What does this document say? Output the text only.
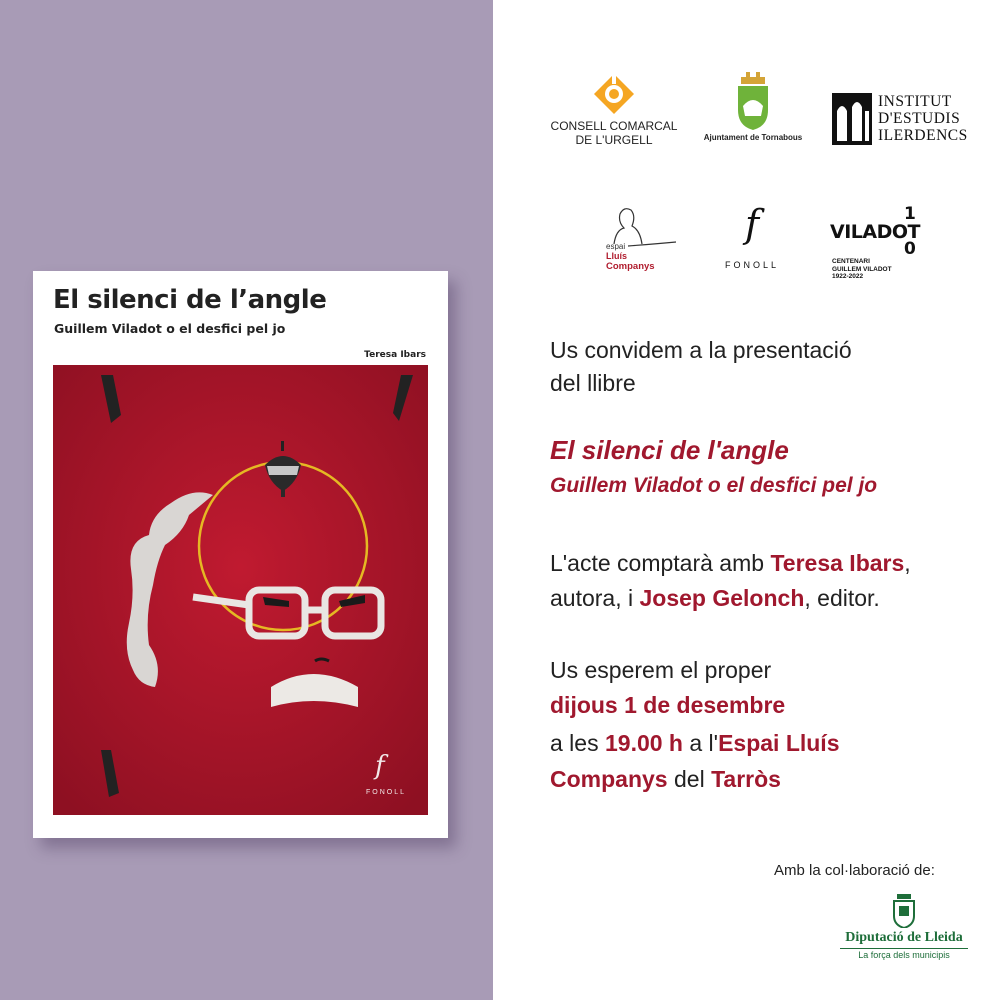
El silenci de l’angle
Guillem Viladot o el desfici pel jo
Teresa Ibars
f
FONOLL
CONSELL COMARCAL
DE L'URGELL	Ajuntament de Tornabous
INSTITUT
D'ESTUDIS
ILERDENCS
espai
Lluís
Companys
f
FONOLL
1
VILADOT
0
CENTENARI
GUILLEM VILADOT
1922-2022
Us convidem a la presentació
del llibre
El silenci de l'angle
Guillem Viladot o el desfici pel jo
L'acte comptarà amb Teresa Ibars,
autora, i Josep Gelonch, editor.
Us esperem el proper
dijous 1 de desembre
a les 19.00 h a l'Espai Lluís
Companys del Tarròs
Amb la col·laboració de:
Diputació de Lleida
La força dels municipis
